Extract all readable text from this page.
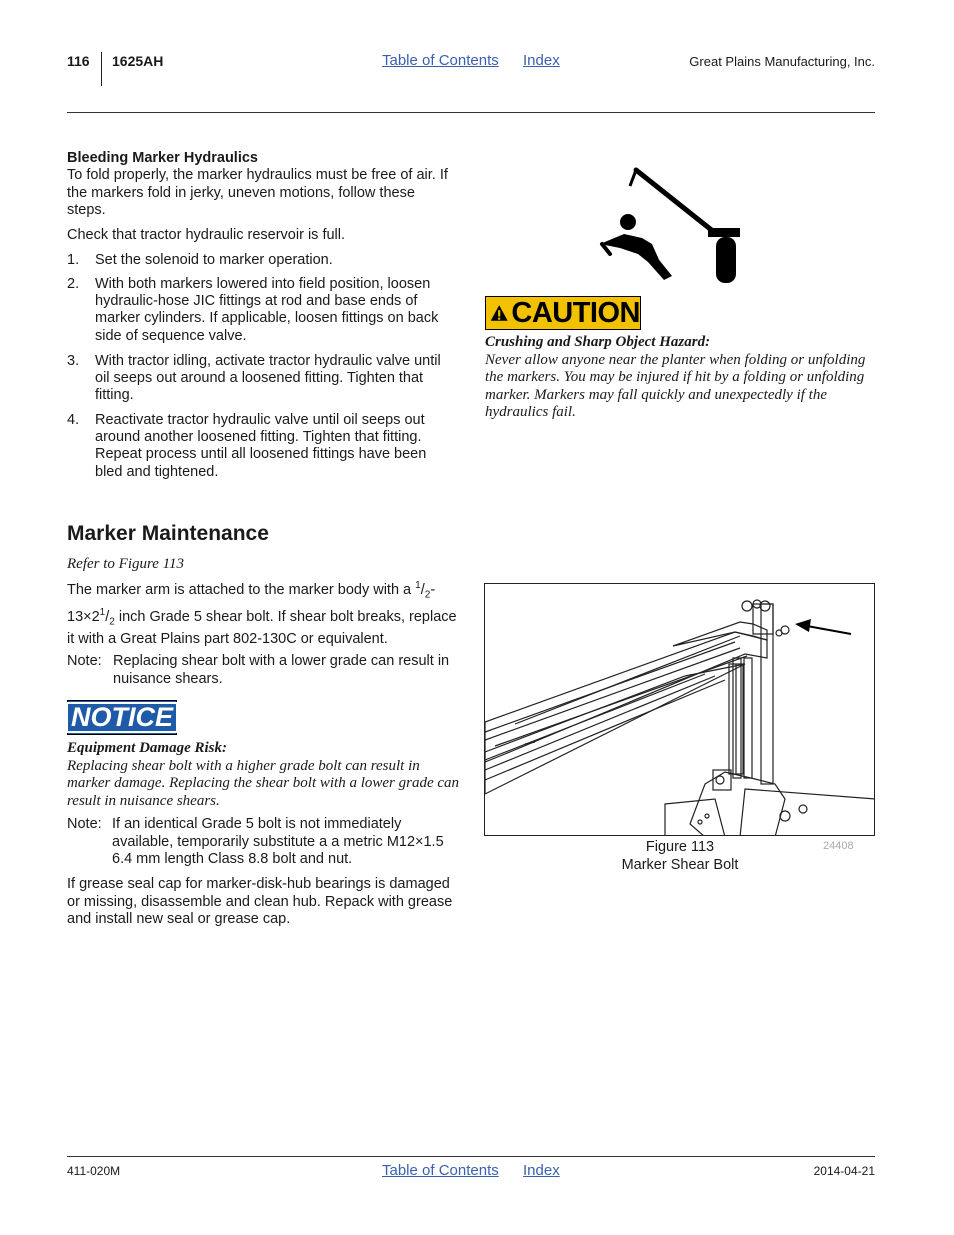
116 1625AH	Table of Contents Index	Great Plains Manufacturing, Inc.
Bleeding Marker Hydraulics
To fold properly, the marker hydraulics must be free of air. If the markers fold in jerky, uneven motions, follow these steps.
Check that tractor hydraulic reservoir is full.
1. Set the solenoid to marker operation.
2. With both markers lowered into field position, loosen hydraulic-hose JIC fittings at rod and base ends of marker cylinders. If applicable, loosen fittings on back side of sequence valve.
3. With tractor idling, activate tractor hydraulic valve until oil seeps out around a loosened fitting. Tighten that fitting.
4. Reactivate tractor hydraulic valve until oil seeps out around another loosened fitting. Tighten that fitting. Repeat process until all loosened fittings have been bled and tightened.
CAUTION
Crushing and Sharp Object Hazard:
Never allow anyone near the planter when folding or unfolding the markers. You may be injured if hit by a folding or unfolding marker. Markers may fall quickly and unexpectedly if the hydraulics fail.
Marker Maintenance
Refer to Figure 113
The marker arm is attached to the marker body with a $^1/_2-13\times 2^1/_2$ inch Grade 5 shear bolt. If shear bolt breaks, replace it with a Great Plains part 802-130C or equivalent.
Note: Replacing shear bolt with a lower grade can result in nuisance shears.
NOTICE
Equipment Damage Risk:
Replacing shear bolt with a higher grade bolt can result in marker damage. Replacing the shear bolt with a lower grade can result in nuisance shears.
Note: If an identical Grade 5 bolt is not immediately available, temporarily substitute a a metric M12×1.5 6.4 mm length Class 8.8 bolt and nut.
If grease seal cap for marker-disk-hub bearings is damaged or missing, disassemble and clean hub. Repack with grease and install new seal or grease cap.
Figure 113
Marker Shear Bolt
24408
411-020M	Table of Contents Index	2014-04-21
